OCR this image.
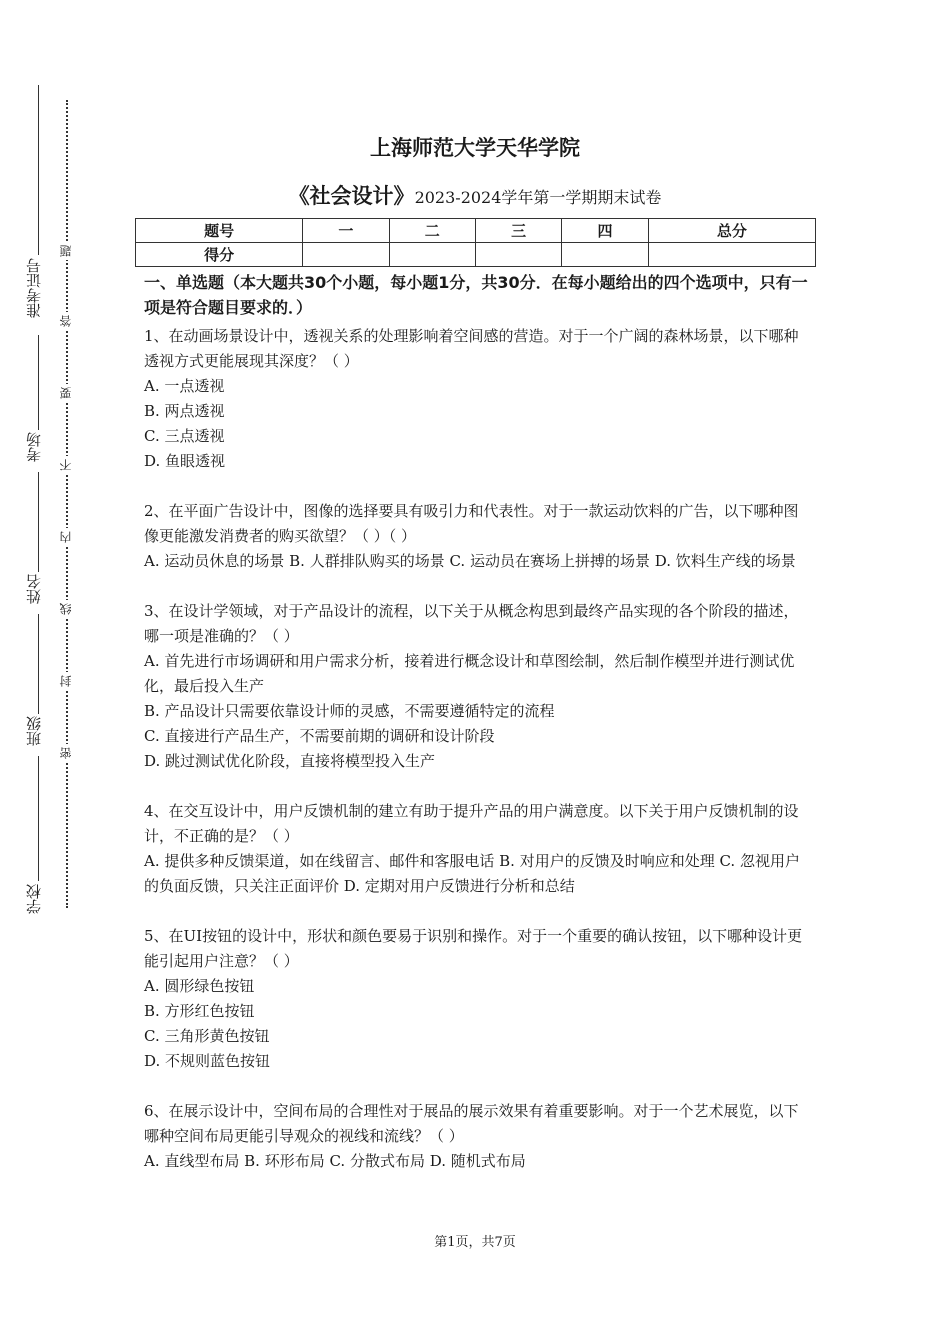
准考证号
考场
姓名
班级
学校
题
答
要
不
内
线
封
密
上海师范大学天华学院
《社会设计》2023-2024学年第一学期期末试卷
题号	一	二	三	四	总分
得分					
一、单选题（本大题共30个小题，每小题1分，共30分．在每小题给出的四个选项中，只有一项是符合题目要求的．）

1、在动画场景设计中，透视关系的处理影响着空间感的营造。对于一个广阔的森林场景，以下哪种透视方式更能展现其深度？（ ）

A. 一点透视

B. 两点透视

C. 三点透视

D. 鱼眼透视

2、在平面广告设计中，图像的选择要具有吸引力和代表性。对于一款运动饮料的广告，以下哪种图像更能激发消费者的购买欲望？（ ）（ ）

A. 运动员休息的场景 B. 人群排队购买的场景 C. 运动员在赛场上拼搏的场景 D. 饮料生产线的场景

3、在设计学领域，对于产品设计的流程，以下关于从概念构思到最终产品实现的各个阶段的描述，哪一项是准确的？（ ）

A. 首先进行市场调研和用户需求分析，接着进行概念设计和草图绘制，然后制作模型并进行测试优化，最后投入生产

B. 产品设计只需要依靠设计师的灵感，不需要遵循特定的流程

C. 直接进行产品生产，不需要前期的调研和设计阶段

D. 跳过测试优化阶段，直接将模型投入生产

4、在交互设计中，用户反馈机制的建立有助于提升产品的用户满意度。以下关于用户反馈机制的设计，不正确的是？（ ）

A. 提供多种反馈渠道，如在线留言、邮件和客服电话 B. 对用户的反馈及时响应和处理 C. 忽视用户的负面反馈，只关注正面评价 D. 定期对用户反馈进行分析和总结

5、在UI按钮的设计中，形状和颜色要易于识别和操作。对于一个重要的确认按钮，以下哪种设计更能引起用户注意？（ ）

A. 圆形绿色按钮

B. 方形红色按钮

C. 三角形黄色按钮

D. 不规则蓝色按钮

6、在展示设计中，空间布局的合理性对于展品的展示效果有着重要影响。对于一个艺术展览，以下哪种空间布局更能引导观众的视线和流线？（ ）

A. 直线型布局 B. 环形布局 C. 分散式布局 D. 随机式布局

第1页，共7页
